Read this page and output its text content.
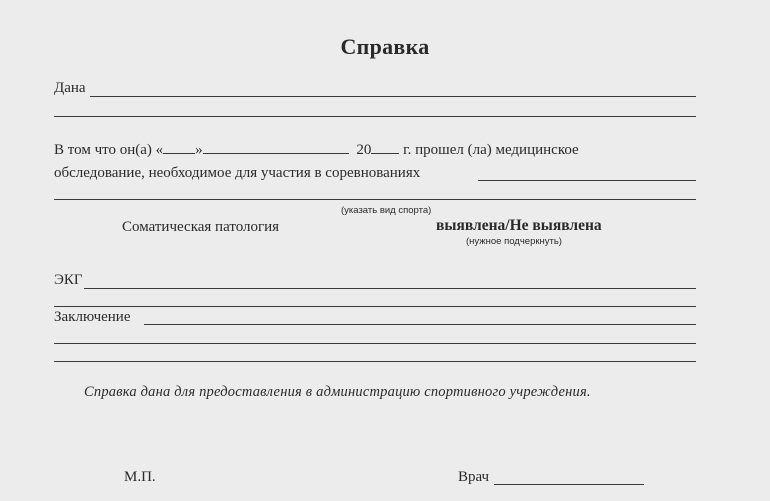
Справка
Дана
В том что он(а) « »	20 г. прошел (ла) медицинское
обследование, необходимое для участия в соревнованиях
(указать вид спорта)
Соматическая патология	выявлена/Не выявлена
(нужное подчеркнуть)
ЭКГ
Заключение
Справка дана для предоставления в администрацию спортивного учреждения.
М.П.	Врач
